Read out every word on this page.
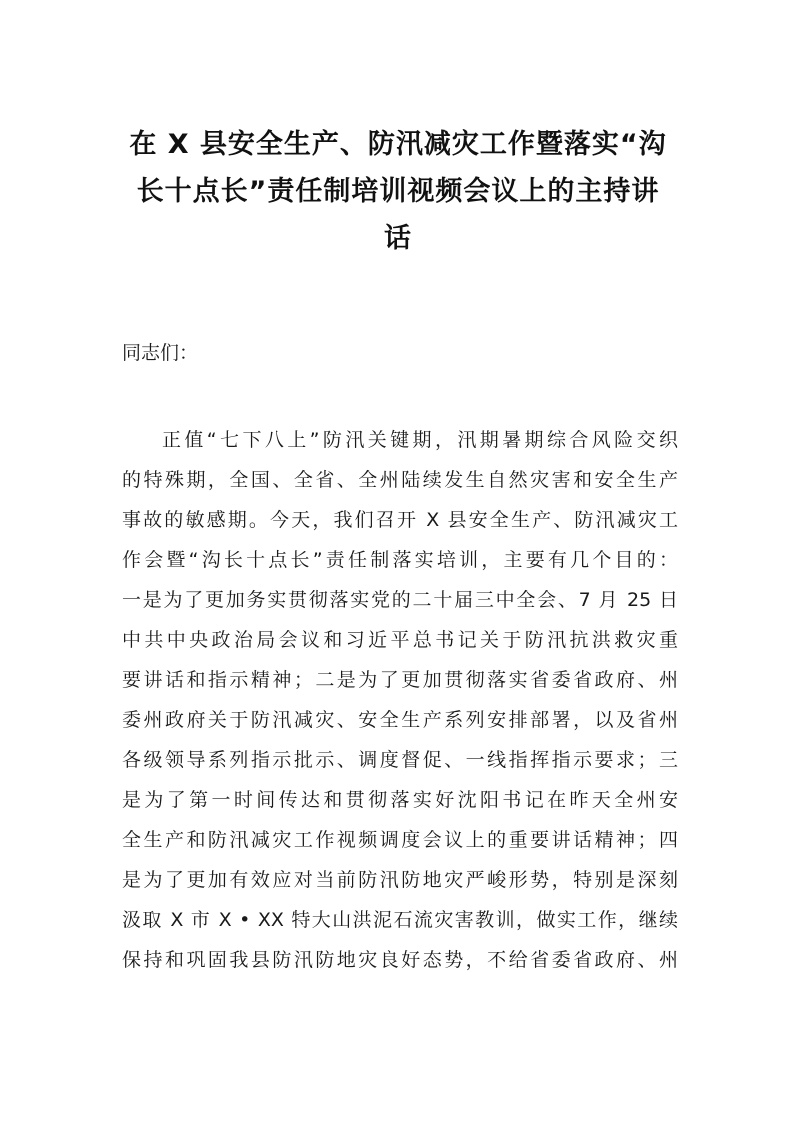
在 X 县安全生产、防汛减灾工作暨落实“沟
长十点长”责任制培训视频会议上的主持讲
话
同志们：
正值“七下八上”防汛关键期，汛期暑期综合风险交织
的特殊期，全国、全省、全州陆续发生自然灾害和安全生产
事故的敏感期。今天，我们召开 X 县安全生产、防汛减灾工
作会暨“沟长十点长”责任制落实培训，主要有几个目的：
一是为了更加务实贯彻落实党的二十届三中全会、7 月 25 日
中共中央政治局会议和习近平总书记关于防汛抗洪救灾重
要讲话和指示精神；二是为了更加贯彻落实省委省政府、州
委州政府关于防汛减灾、安全生产系列安排部署，以及省州
各级领导系列指示批示、调度督促、一线指挥指示要求；三
是为了第一时间传达和贯彻落实好沈阳书记在昨天全州安
全生产和防汛减灾工作视频调度会议上的重要讲话精神；四
是为了更加有效应对当前防汛防地灾严峻形势，特别是深刻
汲取 X 市 X • XX 特大山洪泥石流灾害教训，做实工作，继续
保持和巩固我县防汛防地灾良好态势，不给省委省政府、州
